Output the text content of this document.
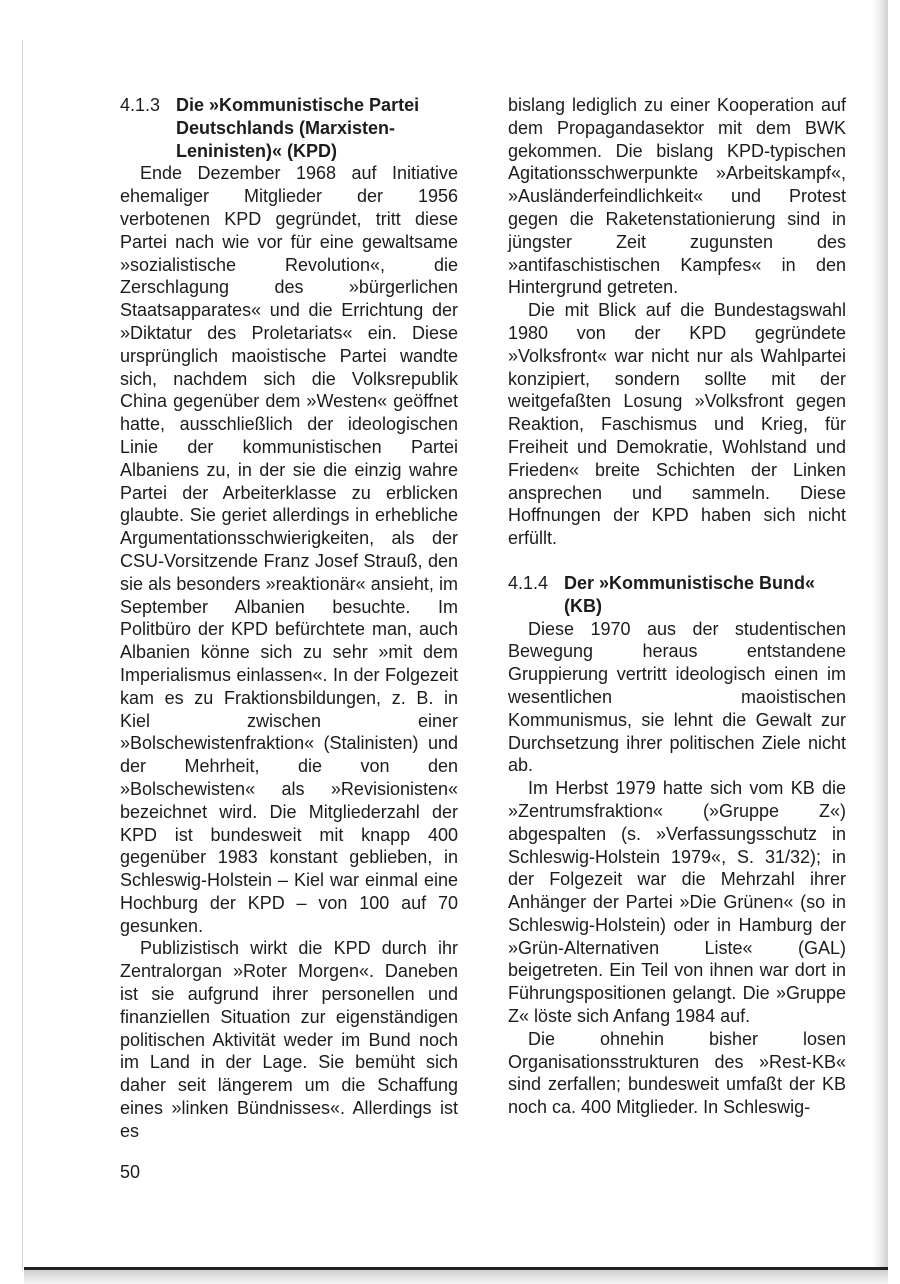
4.1.3 Die »Kommunistische Partei Deutschlands (Marxisten-Leninisten)« (KPD)

Ende Dezember 1968 auf Initiative ehemaliger Mitglieder der 1956 verbotenen KPD gegründet, tritt diese Partei nach wie vor für eine gewaltsame »sozialistische Revolution«, die Zerschlagung des »bürgerlichen Staatsapparates« und die Errichtung der »Diktatur des Proletariats« ein. Diese ursprünglich maoistische Partei wandte sich, nachdem sich die Volksrepublik China gegenüber dem »Westen« geöffnet hatte, ausschließlich der ideologischen Linie der kommunistischen Partei Albaniens zu, in der sie die einzig wahre Partei der Arbeiterklasse zu erblicken glaubte. Sie geriet allerdings in erhebliche Argumentationsschwierigkeiten, als der CSU-Vorsitzende Franz Josef Strauß, den sie als besonders »reaktionär« ansieht, im September Albanien besuchte. Im Politbüro der KPD befürchtete man, auch Albanien könne sich zu sehr »mit dem Imperialismus einlassen«. In der Folgezeit kam es zu Fraktionsbildungen, z. B. in Kiel zwischen einer »Bolschewistenfraktion« (Stalinisten) und der Mehrheit, die von den »Bolschewisten« als »Revisionisten« bezeichnet wird. Die Mitgliederzahl der KPD ist bundesweit mit knapp 400 gegenüber 1983 konstant geblieben, in Schleswig-Holstein – Kiel war einmal eine Hochburg der KPD – von 100 auf 70 gesunken.

Publizistisch wirkt die KPD durch ihr Zentralorgan »Roter Morgen«. Daneben ist sie aufgrund ihrer personellen und finanziellen Situation zur eigenständigen politischen Aktivität weder im Bund noch im Land in der Lage. Sie bemüht sich daher seit längerem um die Schaffung eines »linken Bündnisses«. Allerdings ist es

bislang lediglich zu einer Kooperation auf dem Propagandasektor mit dem BWK gekommen. Die bislang KPD-typischen Agitationsschwerpunkte »Arbeitskampf«, »Ausländerfeindlichkeit« und Protest gegen die Raketenstationierung sind in jüngster Zeit zugunsten des »antifaschistischen Kampfes« in den Hintergrund getreten.

Die mit Blick auf die Bundestagswahl 1980 von der KPD gegründete »Volksfront« war nicht nur als Wahlpartei konzipiert, sondern sollte mit der weitgefaßten Losung »Volksfront gegen Reaktion, Faschismus und Krieg, für Freiheit und Demokratie, Wohlstand und Frieden« breite Schichten der Linken ansprechen und sammeln. Diese Hoffnungen der KPD haben sich nicht erfüllt.

4.1.4 Der »Kommunistische Bund« (KB)

Diese 1970 aus der studentischen Bewegung heraus entstandene Gruppierung vertritt ideologisch einen im wesentlichen maoistischen Kommunismus, sie lehnt die Gewalt zur Durchsetzung ihrer politischen Ziele nicht ab.

Im Herbst 1979 hatte sich vom KB die »Zentrumsfraktion« (»Gruppe Z«) abgespalten (s. »Verfassungsschutz in Schleswig-Holstein 1979«, S. 31/32); in der Folgezeit war die Mehrzahl ihrer Anhänger der Partei »Die Grünen« (so in Schleswig-Holstein) oder in Hamburg der »Grün-Alternativen Liste« (GAL) beigetreten. Ein Teil von ihnen war dort in Führungspositionen gelangt. Die »Gruppe Z« löste sich Anfang 1984 auf.

Die ohnehin bisher losen Organisationsstrukturen des »Rest-KB« sind zerfallen; bundesweit umfaßt der KB noch ca. 400 Mitglieder. In Schleswig-

50
